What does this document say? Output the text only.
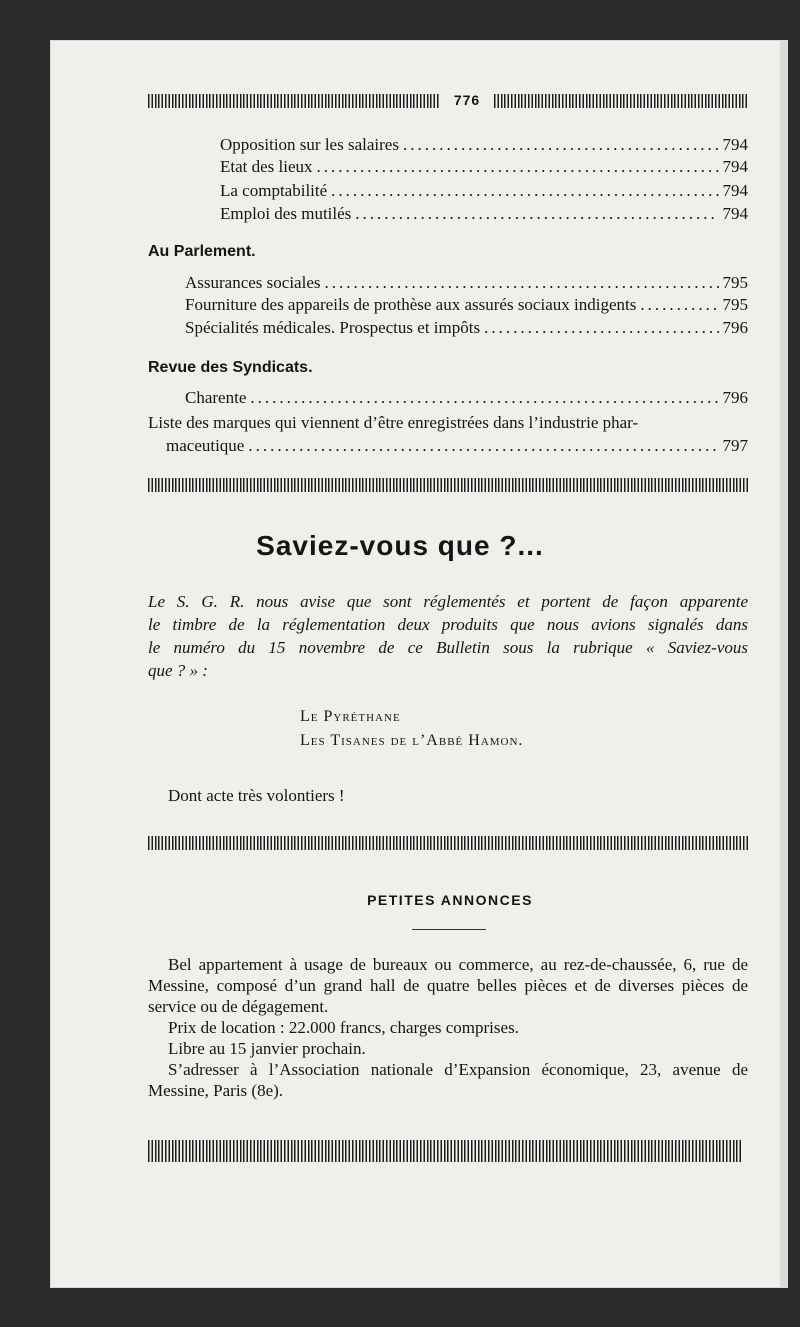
776
Opposition sur les salaires .....	794
Etat des lieux .....	794
La comptabilité .....	794
Emploi des mutilés .....	794
Au Parlement.
Assurances sociales .....	795
Fourniture des appareils de prothèse aux assurés sociaux indigents .....	795
Spécialités médicales. Prospectus et impôts .....	796
Revue des Syndicats.
Charente .....	796
Liste des marques qui viennent d’être enregistrées dans l’industrie phar-
maceutique .....	797
Saviez-vous que ?...
Le S. G. R. nous avise que sont réglementés et portent de façon apparente
le timbre de la réglementation deux produits que nous avions signalés dans
le numéro du 15 novembre de ce Bulletin sous la rubrique « Saviez-vous
que ? » :
Le Pyréthane
Les Tisanes de l’Abbé Hamon.
Dont acte très volontiers !
PETITES ANNONCES

Bel appartement à usage de bureaux ou commerce, au rez-de-chaussée, 6, rue de Messine, composé d’un grand hall de quatre belles pièces et de diverses pièces de service ou de dégagement.

Prix de location : 22.000 francs, charges comprises.

Libre au 15 janvier prochain.

S’adresser à l’Association nationale d’Expansion économique, 23, avenue de Messine, Paris (8e).
